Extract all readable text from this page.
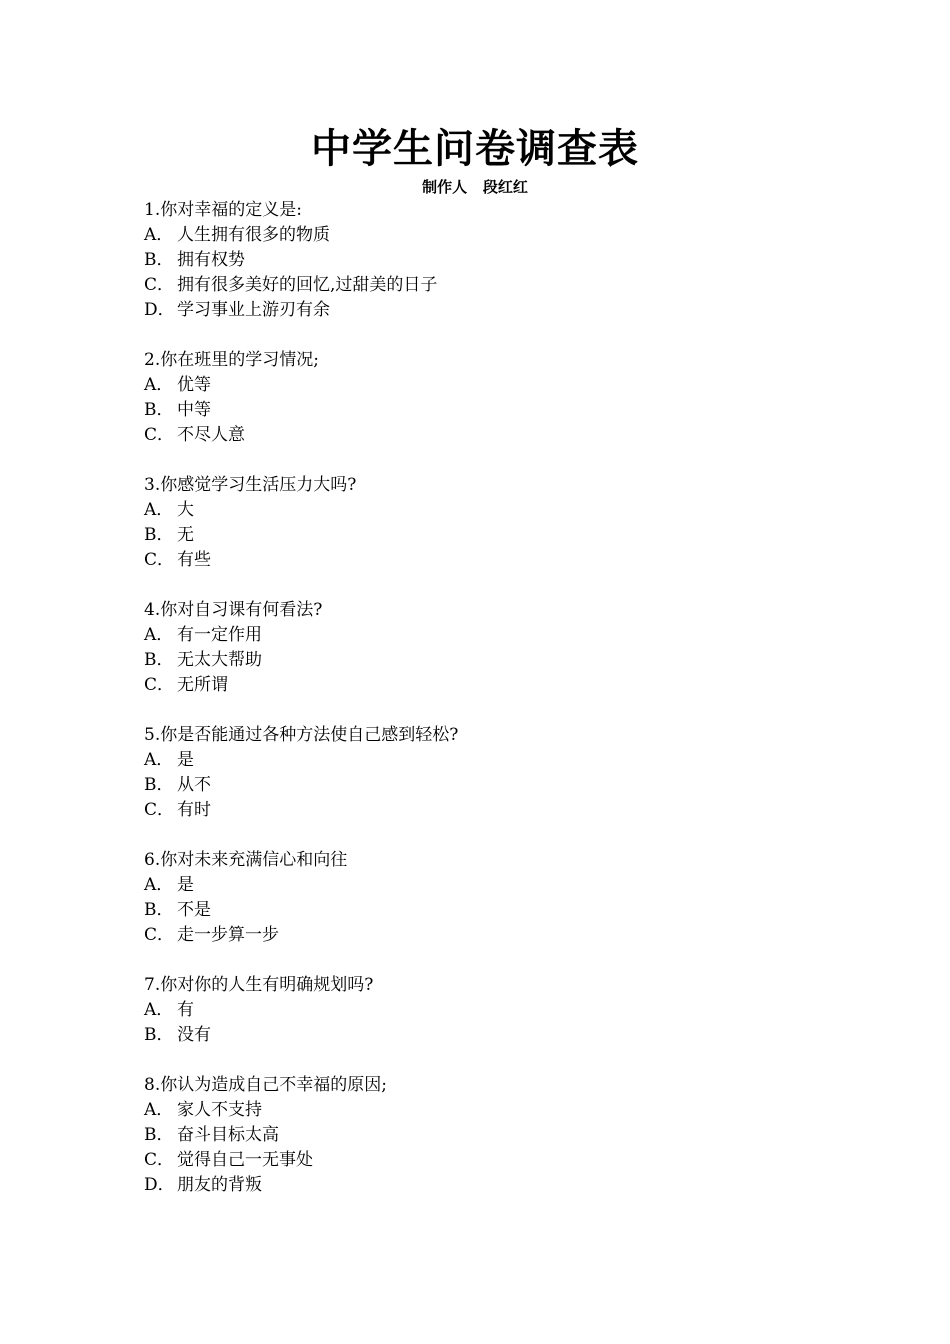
中学生问卷调查表
制作人   段红红
1.你对幸福的定义是:
A． 人生拥有很多的物质
B． 拥有权势
C． 拥有很多美好的回忆,过甜美的日子
D． 学习事业上游刃有余
2.你在班里的学习情况;
A． 优等
B． 中等
C． 不尽人意
3.你感觉学习生活压力大吗?
A． 大
B． 无
C． 有些
4.你对自习课有何看法?
A． 有一定作用
B． 无太大帮助
C． 无所谓
5.你是否能通过各种方法使自己感到轻松?
A． 是
B． 从不
C． 有时
6.你对未来充满信心和向往
A． 是
B． 不是
C． 走一步算一步
7.你对你的人生有明确规划吗?
A． 有
B． 没有
8.你认为造成自己不幸福的原因;
A． 家人不支持
B． 奋斗目标太高
C． 觉得自己一无事处
D． 朋友的背叛
